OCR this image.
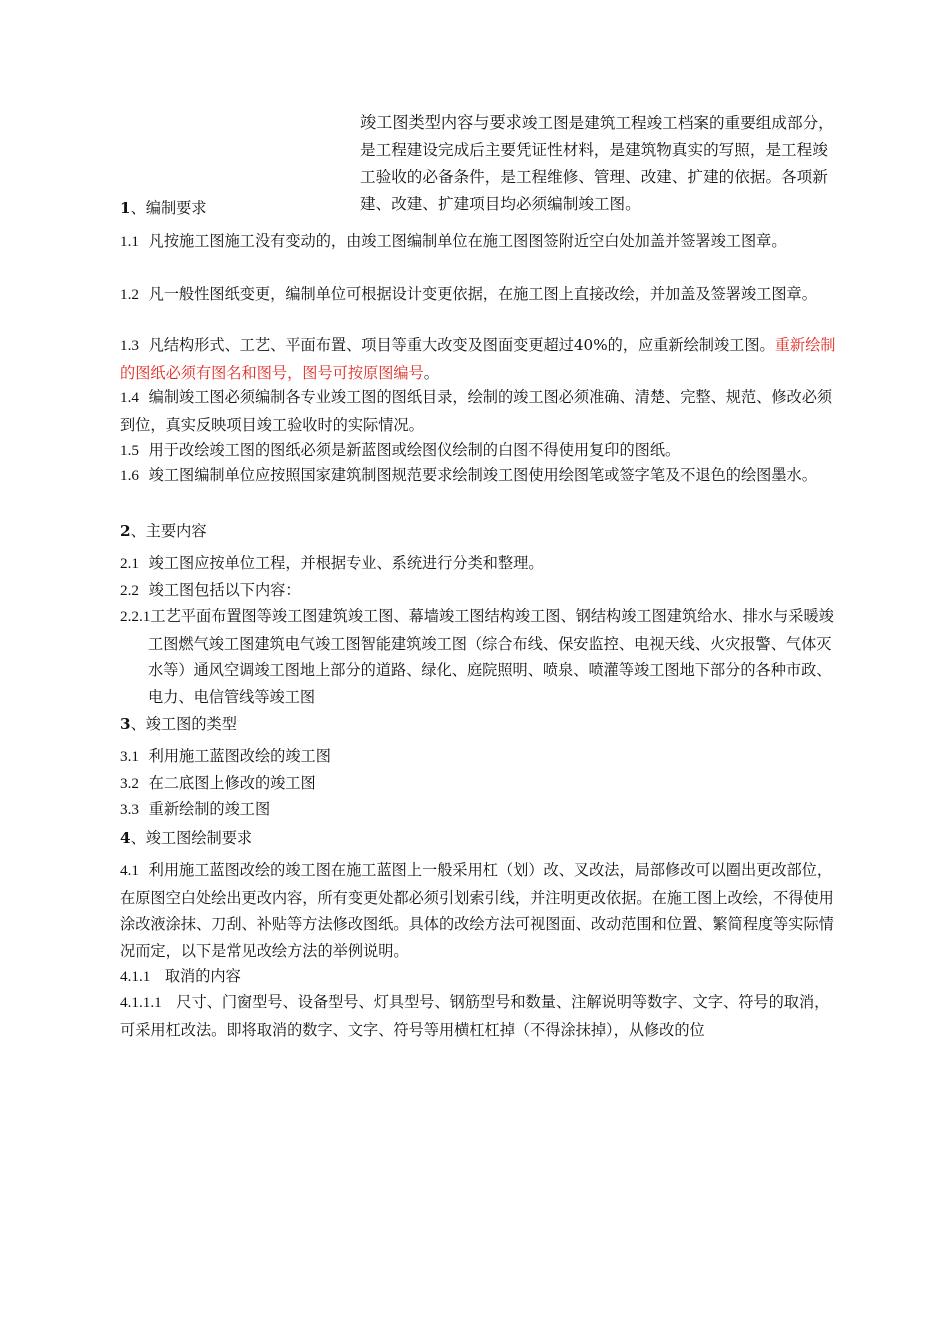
竣工图类型内容与要求竣工图是建筑工程竣工档案的重要组成部分，是工程建设完成后主要凭证性材料，是建筑物真实的写照，是工程竣工验收的必备条件，是工程维修、管理、改建、扩建的依据。各项新建、改建、扩建项目均必须编制竣工图。

1、编制要求

1.1 凡按施工图施工没有变动的，由竣工图编制单位在施工图图签附近空白处加盖并签署竣工图章。

1.2 凡一般性图纸变更，编制单位可根据设计变更依据，在施工图上直接改绘，并加盖及签署竣工图章。

1.3 凡结构形式、工艺、平面布置、项目等重大改变及图面变更超过40%的，应重新绘制竣工图。重新绘制的图纸必须有图名和图号，图号可按原图编号。

1.4 编制竣工图必须编制各专业竣工图的图纸目录，绘制的竣工图必须准确、清楚、完整、规范、修改必须到位，真实反映项目竣工验收时的实际情况。

1.5 用于改绘竣工图的图纸必须是新蓝图或绘图仪绘制的白图不得使用复印的图纸。

1.6 竣工图编制单位应按照国家建筑制图规范要求绘制竣工图使用绘图笔或签字笔及不退色的绘图墨水。

2、主要内容

2.1 竣工图应按单位工程，并根据专业、系统进行分类和整理。

2.2 竣工图包括以下内容：

2.2.1工艺平面布置图等竣工图建筑竣工图、幕墙竣工图结构竣工图、钢结构竣工图建筑给水、排水与采暖竣工图燃气竣工图建筑电气竣工图智能建筑竣工图（综合布线、保安监控、电视天线、火灾报警、气体灭水等）通风空调竣工图地上部分的道路、绿化、庭院照明、喷泉、喷灌等竣工图地下部分的各种市政、电力、电信管线等竣工图

3、竣工图的类型

3.1 利用施工蓝图改绘的竣工图

3.2 在二底图上修改的竣工图

3.3 重新绘制的竣工图

4、竣工图绘制要求

4.1 利用施工蓝图改绘的竣工图在施工蓝图上一般采用杠（划）改、叉改法，局部修改可以圈出更改部位，在原图空白处绘出更改内容，所有变更处都必须引划索引线，并注明更改依据。在施工图上改绘，不得使用涂改液涂抹、刀刮、补贴等方法修改图纸。具体的改绘方法可视图面、改动范围和位置、繁简程度等实际情况而定，以下是常见改绘方法的举例说明。

4.1.1 取消的内容

4.1.1.1 尺寸、门窗型号、设备型号、灯具型号、钢筋型号和数量、注解说明等数字、文字、符号的取消，可采用杠改法。即将取消的数字、文字、符号等用横杠杠掉（不得涂抹掉），从修改的位
